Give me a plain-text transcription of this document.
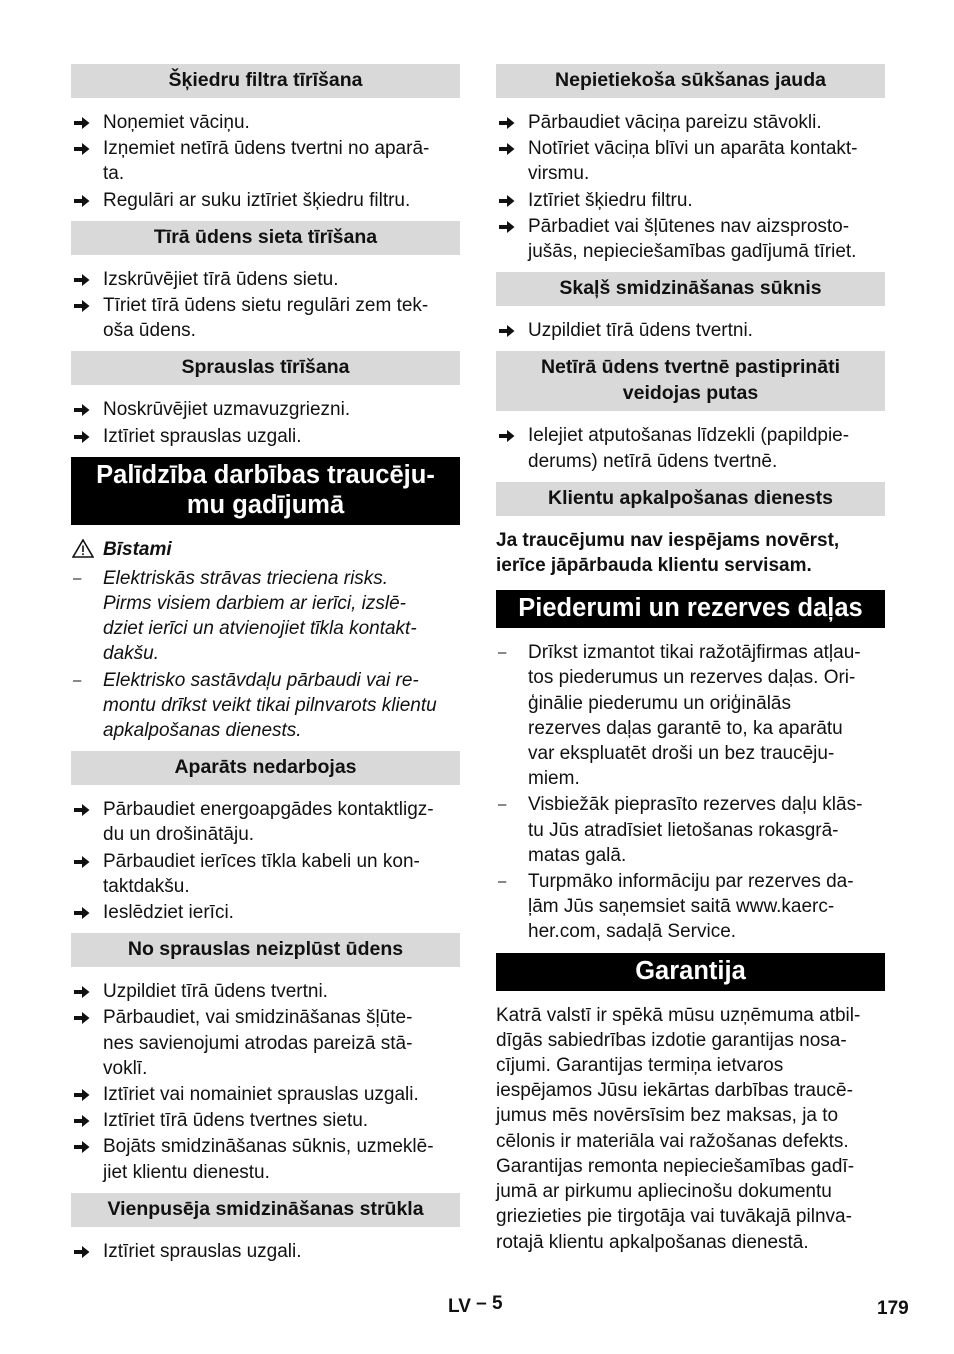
Šķiedru filtra tīrīšana
Noņemiet vāciņu.
Izņemiet netīrā ūdens tvertni no aparā-
ta.
Regulāri ar suku iztīriet šķiedru filtru.
Tīrā ūdens sieta tīrīšana
Izskrūvējiet tīrā ūdens sietu.
Tīriet tīrā ūdens sietu regulāri zem tek-
oša ūdens.
Sprauslas tīrīšana
Noskrūvējiet uzmavuzgriezni.
Iztīriet sprauslas uzgali.
Palīdzība darbības traucēju-
mu gadījumā
Bīstami
– Elektriskās strāvas trieciena risks.
Pirms visiem darbiem ar ierīci, izslē-
dziet ierīci un atvienojiet tīkla kontakt-
dakšu.
– Elektrisko sastāvdaļu pārbaudi vai re-
montu drīkst veikt tikai pilnvarots klientu
apkalpošanas dienests.
Aparāts nedarbojas
Pārbaudiet energoapgādes kontaktligz-
du un drošinātāju.
Pārbaudiet ierīces tīkla kabeli un kon-
taktdakšu.
Ieslēdziet ierīci.
No sprauslas neizplūst ūdens
Uzpildiet tīrā ūdens tvertni.
Pārbaudiet, vai smidzināšanas šļūte-
nes savienojumi atrodas pareizā stā-
voklī.
Iztīriet vai nomainiet sprauslas uzgali.
Iztīriet tīrā ūdens tvertnes sietu.
Bojāts smidzināšanas sūknis, uzmeklē-
jiet klientu dienestu.
Vienpusēja smidzināšanas strūkla
Iztīriet sprauslas uzgali.
Nepietiekoša sūkšanas jauda
Pārbaudiet vāciņa pareizu stāvokli.
Notīriet vāciņa blīvi un aparāta kontakt-
virsmu.
Iztīriet šķiedru filtru.
Pārbadiet vai šļūtenes nav aizsprosto-
jušās, nepieciešamības gadījumā tīriet.
Skaļš smidzināšanas sūknis
Uzpildiet tīrā ūdens tvertni.
Netīrā ūdens tvertnē pastiprināti
veidojas putas
Ielejiet atputošanas līdzekli (papildpie-
derums) netīrā ūdens tvertnē.
Klientu apkalpošanas dienests
Ja traucējumu nav iespējams novērst,
ierīce jāpārbauda klientu servisam.
Piederumi un rezerves daļas
– Drīkst izmantot tikai ražotājfirmas atļau-
tos piederumus un rezerves daļas. Ori-
ģinālie piederumu un oriģinālās
rezerves daļas garantē to, ka aparātu
var ekspluatēt droši un bez traucēju-
miem.
– Visbiežāk pieprasīto rezerves daļu klās-
tu Jūs atradīsiet lietošanas rokasgrā-
matas galā.
– Turpmāko informāciju par rezerves da-
ļām Jūs saņemsiet saitā www.kaerc-
her.com, sadaļā Service.
Garantija
Katrā valstī ir spēkā mūsu uzņēmuma atbil-
dīgās sabiedrības izdotie garantijas nosa-
cījumi. Garantijas termiņa ietvaros
iespējamos Jūsu iekārtas darbības traucē-
jumus mēs novērsīsim bez maksas, ja to
cēlonis ir materiāla vai ražošanas defekts.
Garantijas remonta nepieciešamības gadī-
jumā ar pirkumu apliecinošu dokumentu
griezieties pie tirgotāja vai tuvākajā pilnva-
rotajā klientu apkalpošanas dienestā.
LV – 5	179
